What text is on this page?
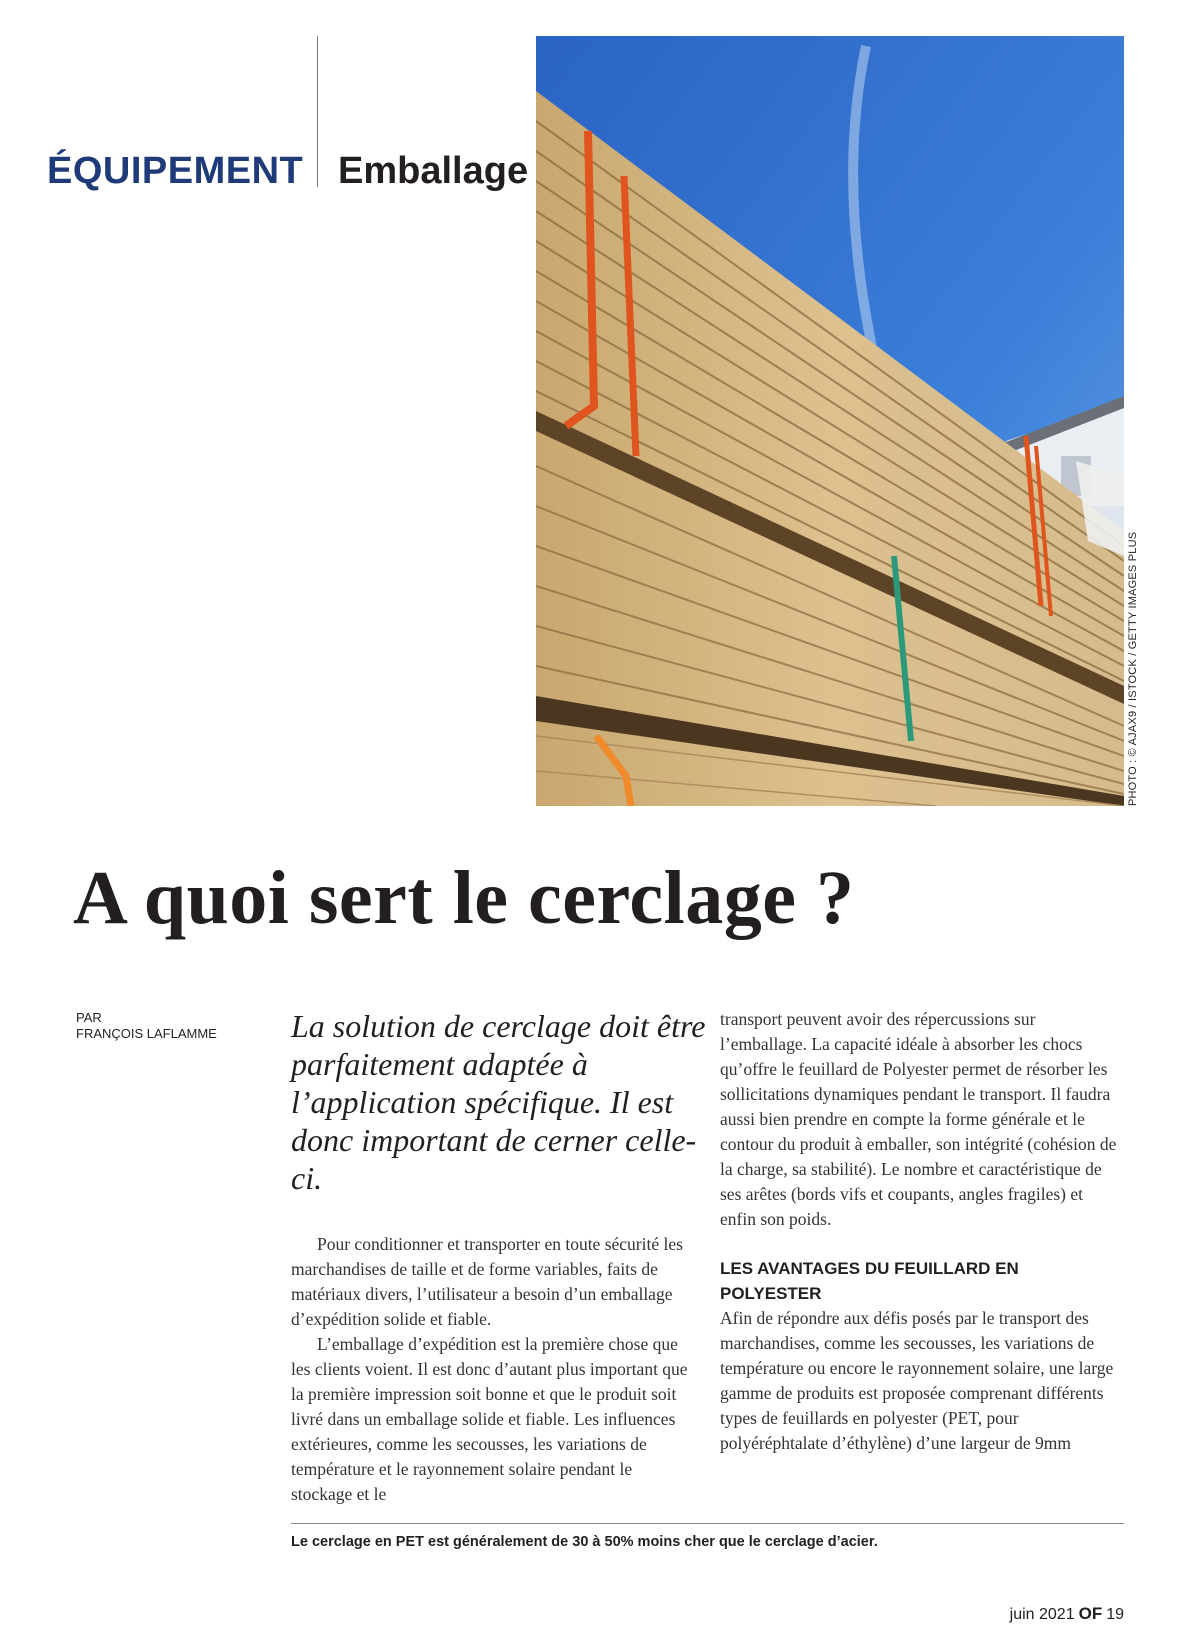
ÉQUIPEMENT Emballage
PHOTO : © AJAX9 / ISTOCK / GETTY IMAGES PLUS
A quoi sert le cerclage ?
PAR
FRANÇOIS LAFLAMME La solution de cerclage doit être parfaitement adaptée à l’application spécifique. Il est donc important de cerner celle-ci.

Pour conditionner et transporter en toute sécurité les marchandises de taille et de forme variables, faits de matériaux divers, l’utilisateur a besoin d’un emballage d’expédition solide et fiable.

L’emballage d’expédition est la première chose que les clients voient. Il est donc d’autant plus important que la première impression soit bonne et que le produit soit livré dans un emballage solide et fiable. Les influences extérieures, comme les secousses, les variations de température et le rayonnement solaire pendant le stockage et le

transport peuvent avoir des répercussions sur l’emballage. La capacité idéale à absorber les chocs qu’offre le feuillard de Polyester permet de résorber les sollicitations dynamiques pendant le transport. Il faudra aussi bien prendre en compte la forme générale et le contour du produit à emballer, son intégrité (cohésion de la charge, sa stabilité). Le nombre et caractéristique de ses arêtes (bords vifs et coupants, angles fragiles) et enfin son poids.

LES AVANTAGES DU FEUILLARD EN POLYESTER

Afin de répondre aux défis posés par le transport des marchandises, comme les secousses, les variations de température ou encore le rayonnement solaire, une large gamme de produits est proposée comprenant différents types de feuillards en polyester (PET, pour polyéréphtalate d’éthylène) d’une largeur de 9mm

Le cerclage en PET est généralement de 30 à 50% moins cher que le cerclage d’acier.
juin 2021 OF 19
